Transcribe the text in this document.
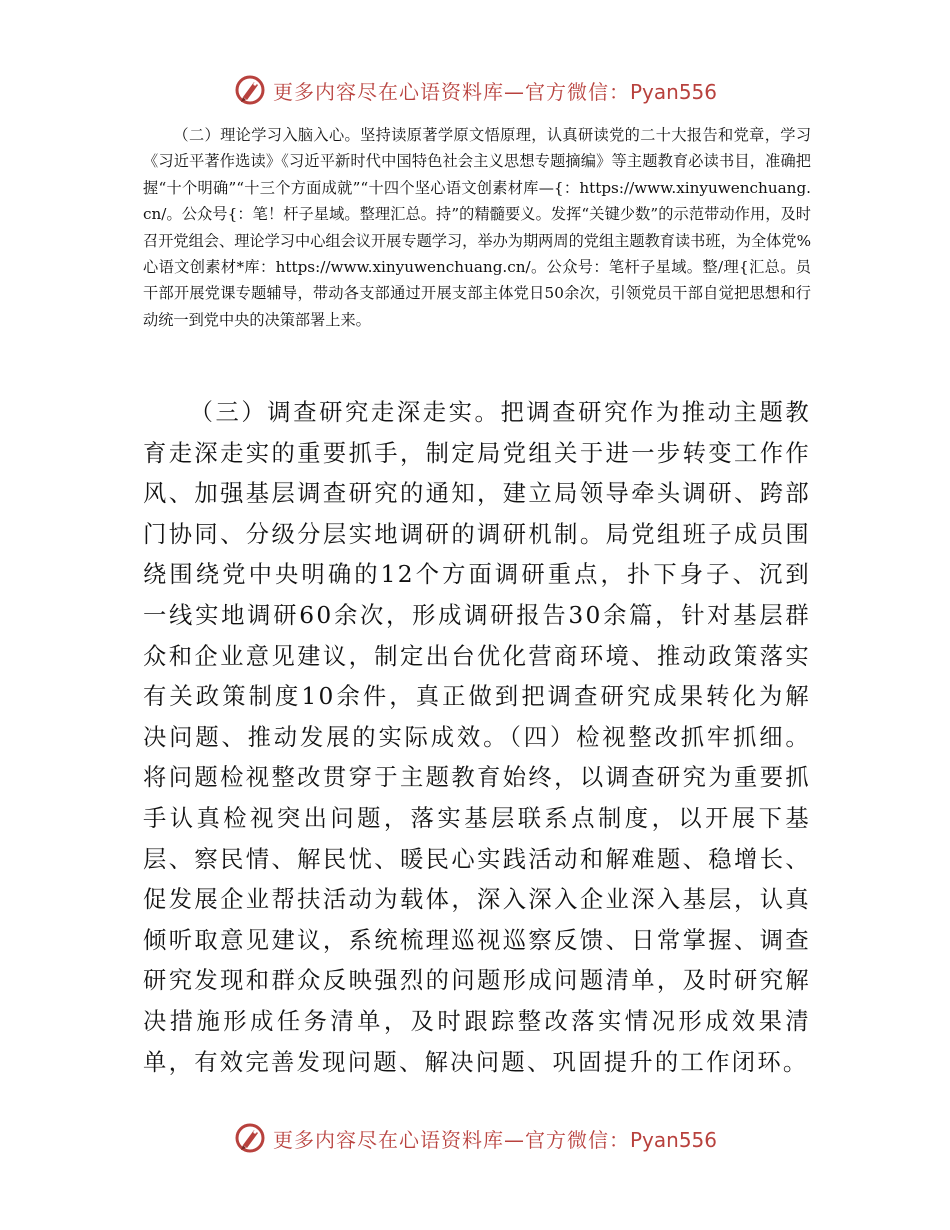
更多内容尽在心语资料库—官方微信：Pyan556

（二）理论学习入脑入心。坚持读原著学原文悟原理，认真研读党的二十大报告和党章，学习《习近平著作选读》《习近平新时代中国特色社会主义思想专题摘编》等主题教育必读书目，准确把握“十个明确”“十三个方面成就”“十四个坚心语文创素材库—{：https://www.xinyuwenchuang.cn/。公众号{：笔！杆子星域。整理汇总。持”的精髓要义。发挥“关键少数”的示范带动作用，及时召开党组会、理论学习中心组会议开展专题学习，举办为期两周的党组主题教育读书班，为全体党%心语文创素材*库：https://www.xinyuwenchuang.cn/。公众号：笔杆子星域。整/理{汇总。员干部开展党课专题辅导，带动各支部通过开展支部主体党日50余次，引领党员干部自觉把思想和行动统一到党中央的决策部署上来。

（三）调查研究走深走实。把调查研究作为推动主题教育走深走实的重要抓手，制定局党组关于进一步转变工作作风、加强基层调查研究的通知，建立局领导牵头调研、跨部门协同、分级分层实地调研的调研机制。局党组班子成员围绕围绕党中央明确的12个方面调研重点，扑下身子、沉到一线实地调研60余次，形成调研报告30余篇，针对基层群众和企业意见建议，制定出台优化营商环境、推动政策落实有关政策制度10余件，真正做到把调查研究成果转化为解决问题、推动发展的实际成效。（四）检视整改抓牢抓细。将问题检视整改贯穿于主题教育始终，以调查研究为重要抓手认真检视突出问题，落实基层联系点制度，以开展下基层、察民情、解民忧、暖民心实践活动和解难题、稳增长、促发展企业帮扶活动为载体，深入深入企业深入基层，认真倾听取意见建议，系统梳理巡视巡察反馈、日常掌握、调查研究发现和群众反映强烈的问题形成问题清单，及时研究解决措施形成任务清单，及时跟踪整改落实情况形成效果清单，有效完善发现问题、解决问题、巩固提升的工作闭环。

更多内容尽在心语资料库—官方微信：Pyan556
